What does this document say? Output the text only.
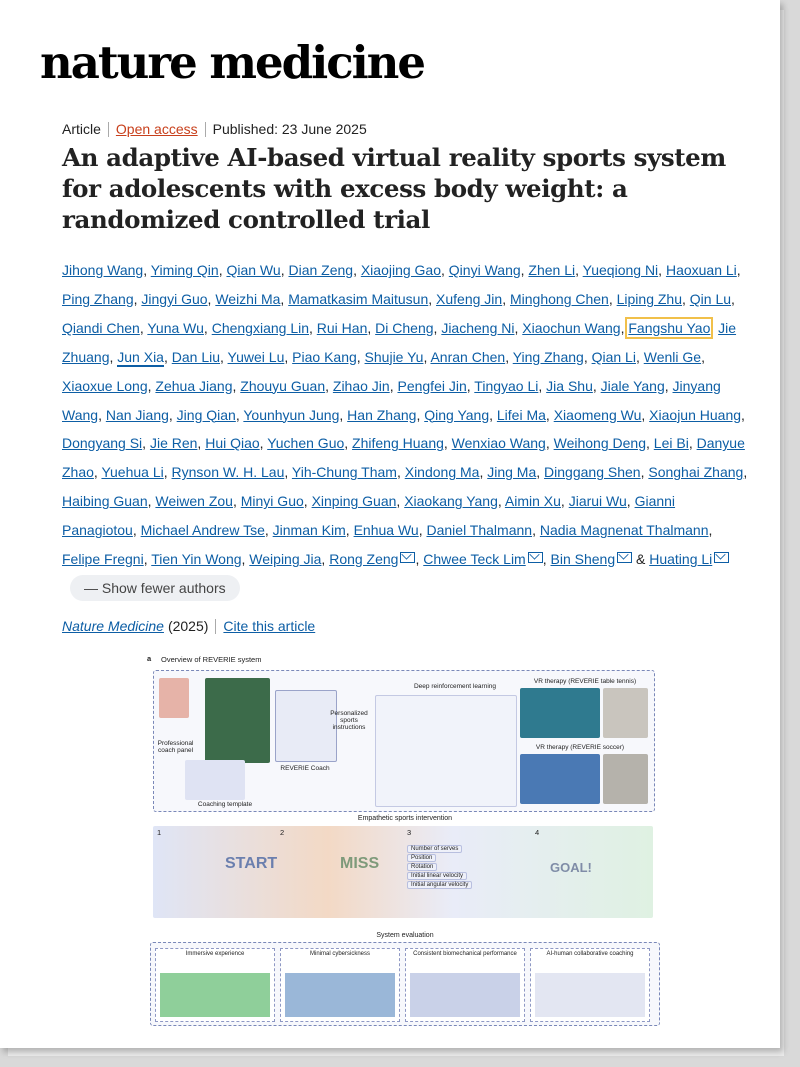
nature medicine
Article Open access Published: 23 June 2025
An adaptive AI-based virtual reality sports system for adolescents with excess body weight: a randomized controlled trial
Jihong Wang, Yiming Qin, Qian Wu, Dian Zeng, Xiaojing Gao, Qinyi Wang, Zhen Li, Yueqiong Ni, Haoxuan Li, Ping Zhang, Jingyi Guo, Weizhi Ma, Mamatkasim Maitusun, Xufeng Jin, Minghong Chen, Liping Zhu, Qin Lu, Qiandi Chen, Yuna Wu, Chengxiang Lin, Rui Han, Di Cheng, Jiacheng Ni, Xiaochun Wang, Fangshu Yao, Jie Zhuang, Jun Xia, Dan Liu, Yuwei Lu, Piao Kang, Shujie Yu, Anran Chen, Ying Zhang, Qian Li, Wenli Ge, Xiaoxue Long, Zehua Jiang, Zhouyu Guan, Zihao Jin, Pengfei Jin, Tingyao Li, Jia Shu, Jiale Yang, Jinyang Wang, Nan Jiang, Jing Qian, Younhyun Jung, Han Zhang, Qing Yang, Lifei Ma, Xiaomeng Wu, Xiaojun Huang, Dongyang Si, Jie Ren, Hui Qiao, Yuchen Guo, Zhifeng Huang, Wenxiao Wang, Weihong Deng, Lei Bi, Danyue Zhao, Yuehua Li, Rynson W. H. Lau, Yih-Chung Tham, Xindong Ma, Jing Ma, Dinggang Shen, Songhai Zhang, Haibing Guan, Weiwen Zou, Minyi Guo, Xinping Guan, Xiaokang Yang, Aimin Xu, Jiarui Wu, Gianni Panagiotou, Michael Andrew Tse, Jinman Kim, Enhua Wu, Daniel Thalmann, Nadia Magnenat Thalmann, Felipe Fregni, Tien Yin Wong, Weiping Jia, Rong Zeng , Chwee Teck Lim , Bin Sheng & Huating Li— Show fewer authors
Nature Medicine (2025) Cite this article
a Overview of REVERIE system
Professional coach panel
Coaching template
Personalized sports instructions
REVERIE Coach
Deep reinforcement learning
VR therapy (REVERIE table tennis)
VR therapy (REVERIE soccer)
Empathetic sports intervention
1	2	3	4
START	MISS	GOAL!
Number of serves
Position
Rotation
Initial linear velocity
Initial angular velocity
System evaluation
Immersive experience	Minimal cybersickness	Consistent biomechanical performance	AI-human collaborative coaching
